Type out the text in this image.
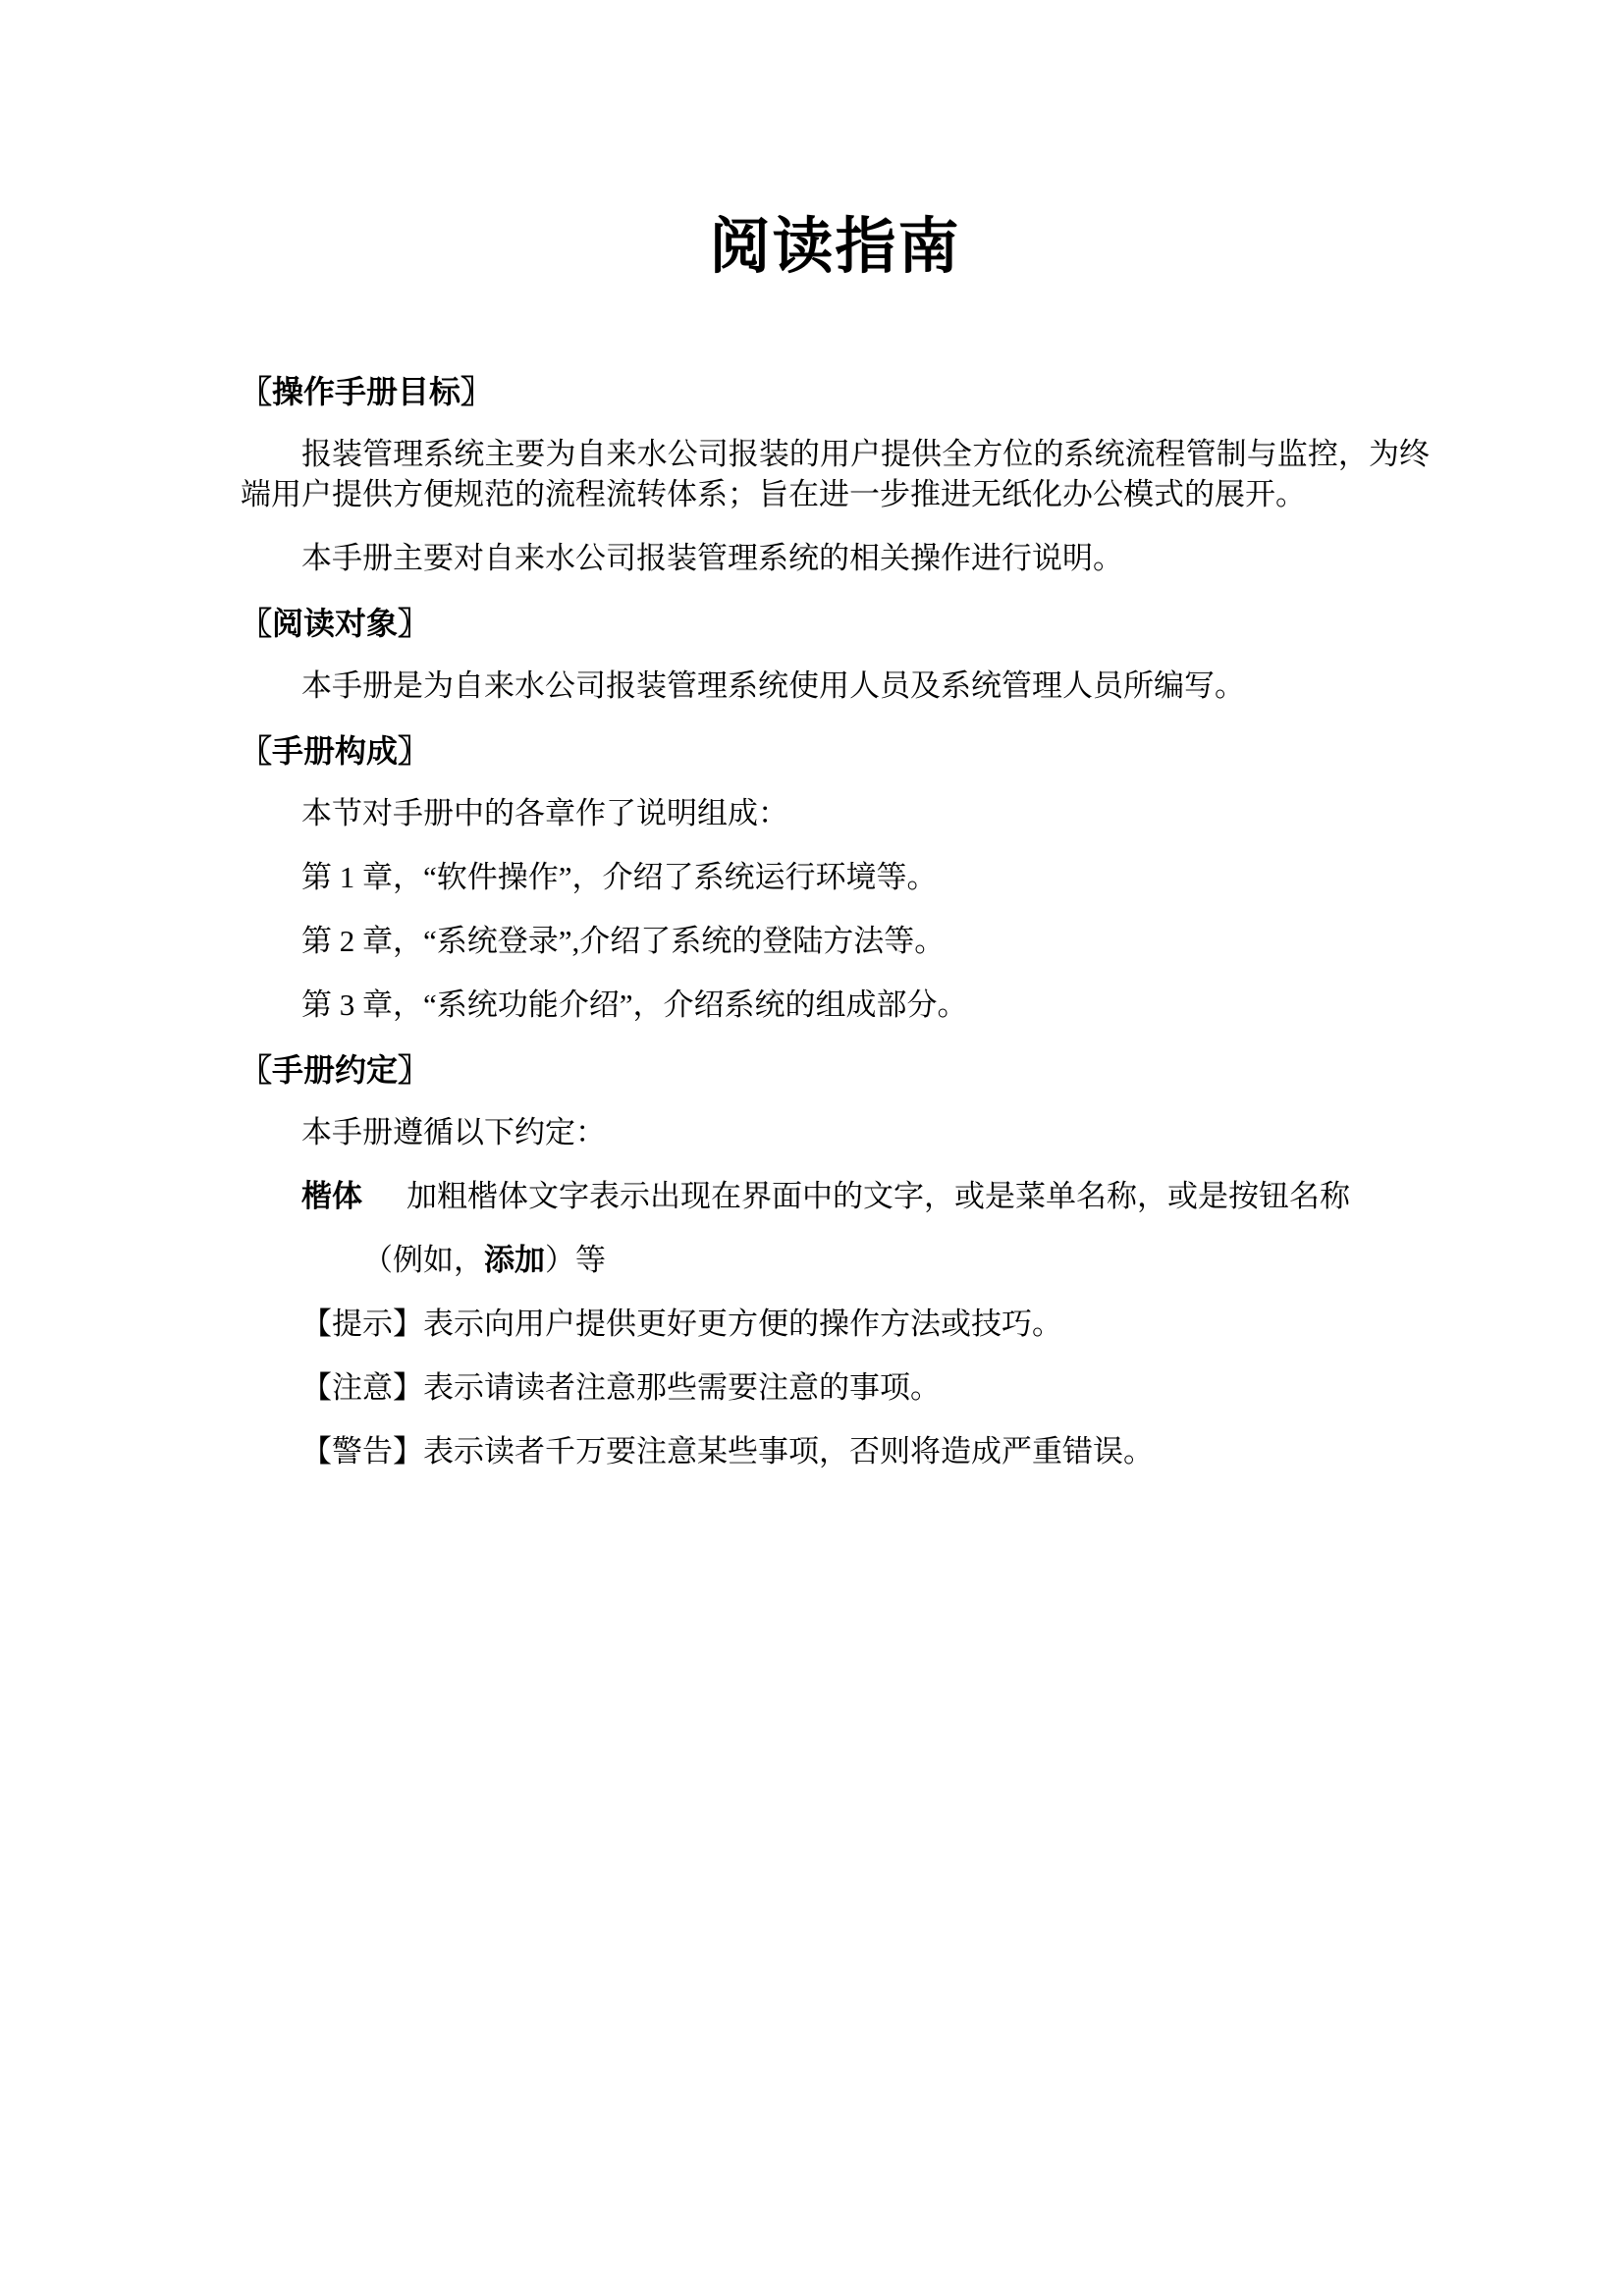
阅读指南
〖操作手册目标〗

报装管理系统主要为自来水公司报装的用户提供全方位的系统流程管制与监控，为终端用户提供方便规范的流程流转体系；旨在进一步推进无纸化办公模式的展开。

本手册主要对自来水公司报装管理系统的相关操作进行说明。

〖阅读对象〗

本手册是为自来水公司报装管理系统使用人员及系统管理人员所编写。

〖手册构成〗

本节对手册中的各章作了说明组成：

第 1 章，“软件操作”，介绍了系统运行环境等。

第 2 章，“系统登录”,介绍了系统的登陆方法等。

第 3 章，“系统功能介绍”，介绍系统的组成部分。

〖手册约定〗

本手册遵循以下约定：

楷体 加粗楷体文字表示出现在界面中的文字，或是菜单名称，或是按钮名称

（例如，添加）等

【提示】表示向用户提供更好更方便的操作方法或技巧。

【注意】表示请读者注意那些需要注意的事项。

【警告】表示读者千万要注意某些事项，否则将造成严重错误。
